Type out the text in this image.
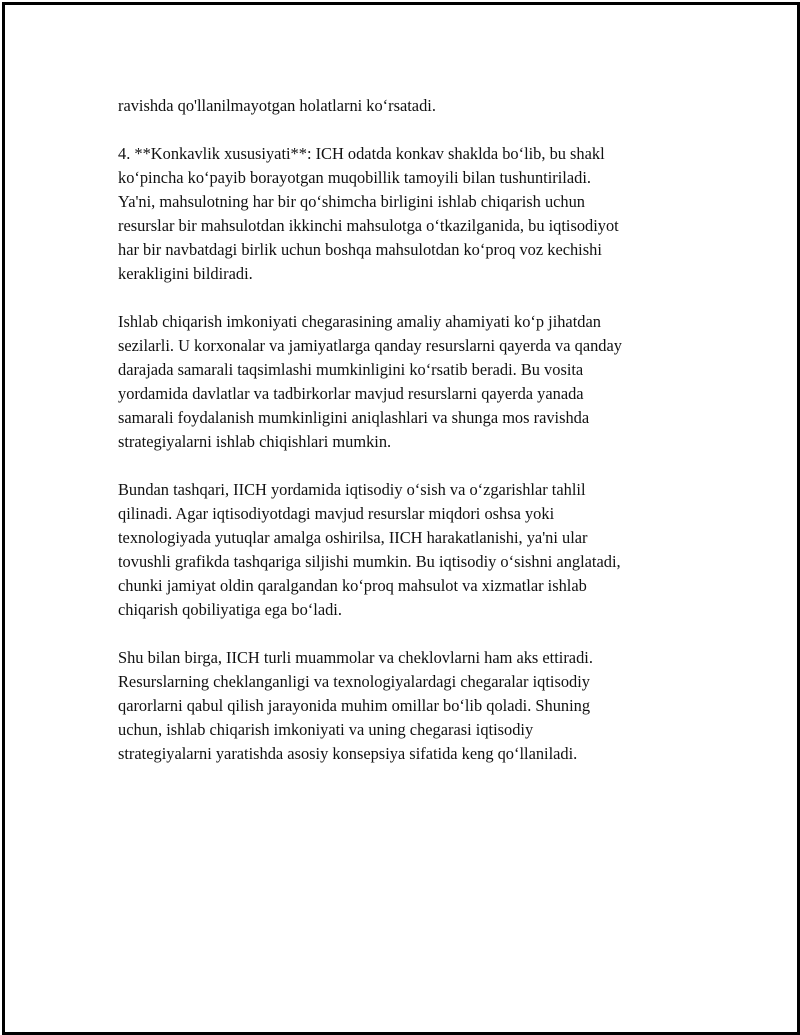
ravishda qo'llanilmayotgan holatlarni ko‘rsatadi.

4. **Konkavlik xususiyati**: ICH odatda konkav shaklda bo‘lib, bu shakl
ko‘pincha ko‘payib borayotgan muqobillik tamoyili bilan tushuntiriladi.
Ya'ni, mahsulotning har bir qo‘shimcha birligini ishlab chiqarish uchun
resurslar bir mahsulotdan ikkinchi mahsulotga o‘tkazilganida, bu iqtisodiyot
har bir navbatdagi birlik uchun boshqa mahsulotdan ko‘proq voz kechishi
kerakligini bildiradi.

Ishlab chiqarish imkoniyati chegarasining amaliy ahamiyati ko‘p jihatdan
sezilarli. U korxonalar va jamiyatlarga qanday resurslarni qayerda va qanday
darajada samarali taqsimlashi mumkinligini ko‘rsatib beradi. Bu vosita
yordamida davlatlar va tadbirkorlar mavjud resurslarni qayerda yanada
samarali foydalanish mumkinligini aniqlashlari va shunga mos ravishda
strategiyalarni ishlab chiqishlari mumkin.

Bundan tashqari, IICH yordamida iqtisodiy o‘sish va o‘zgarishlar tahlil
qilinadi. Agar iqtisodiyotdagi mavjud resurslar miqdori oshsa yoki
texnologiyada yutuqlar amalga oshirilsa, IICH harakatlanishi, ya'ni ular
tovushli grafikda tashqariga siljishi mumkin. Bu iqtisodiy o‘sishni anglatadi,
chunki jamiyat oldin qaralgandan ko‘proq mahsulot va xizmatlar ishlab
chiqarish qobiliyatiga ega bo‘ladi.

Shu bilan birga, IICH turli muammolar va cheklovlarni ham aks ettiradi.
Resurslarning cheklanganligi va texnologiyalardagi chegaralar iqtisodiy
qarorlarni qabul qilish jarayonida muhim omillar bo‘lib qoladi. Shuning
uchun, ishlab chiqarish imkoniyati va uning chegarasi iqtisodiy
strategiyalarni yaratishda asosiy konsepsiya sifatida keng qo‘llaniladi.
